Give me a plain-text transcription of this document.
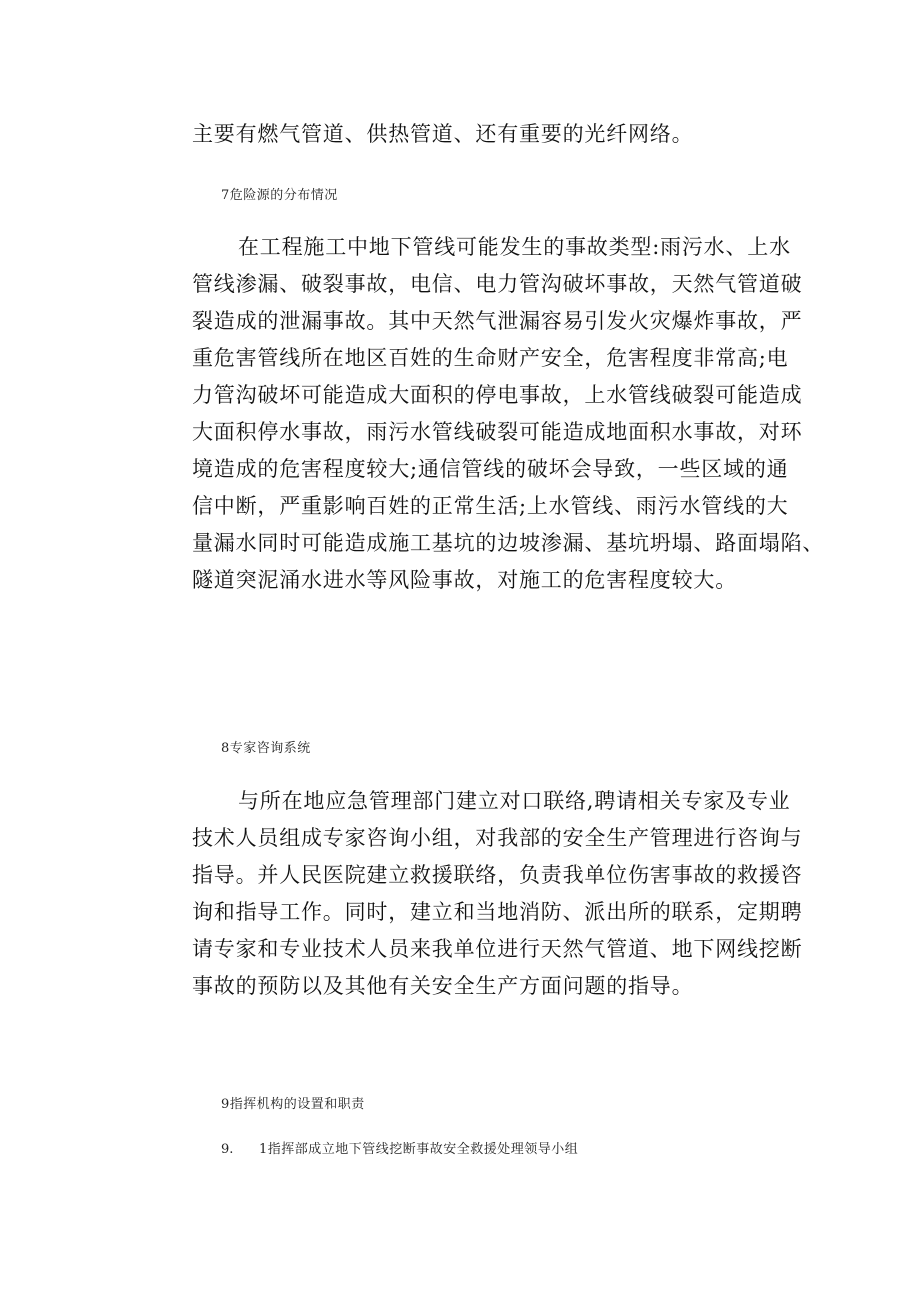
主要有燃气管道、供热管道、还有重要的光纤网络。
7危险源的分布情况
在工程施工中地下管线可能发生的事故类型:雨污水、上水
管线渗漏、破裂事故，电信、电力管沟破坏事故，天然气管道破
裂造成的泄漏事故。其中天然气泄漏容易引发火灾爆炸事故，严
重危害管线所在地区百姓的生命财产安全，危害程度非常高;电
力管沟破坏可能造成大面积的停电事故，上水管线破裂可能造成
大面积停水事故，雨污水管线破裂可能造成地面积水事故，对环
境造成的危害程度较大;通信管线的破坏会导致，一些区域的通
信中断，严重影响百姓的正常生活;上水管线、雨污水管线的大
量漏水同时可能造成施工基坑的边坡渗漏、基坑坍塌、路面塌陷、
隧道突泥涌水进水等风险事故，对施工的危害程度较大。
8专家咨询系统
与所在地应急管理部门建立对口联络,聘请相关专家及专业
技术人员组成专家咨询小组，对我部的安全生产管理进行咨询与
指导。并人民医院建立救援联络，负责我单位伤害事故的救援咨
询和指导工作。同时，建立和当地消防、派出所的联系，定期聘
请专家和专业技术人员来我单位进行天然气管道、地下网线挖断
事故的预防以及其他有关安全生产方面问题的指导。
9指挥机构的设置和职责
9. 1指挥部成立地下管线挖断事故安全救援处理领导小组
